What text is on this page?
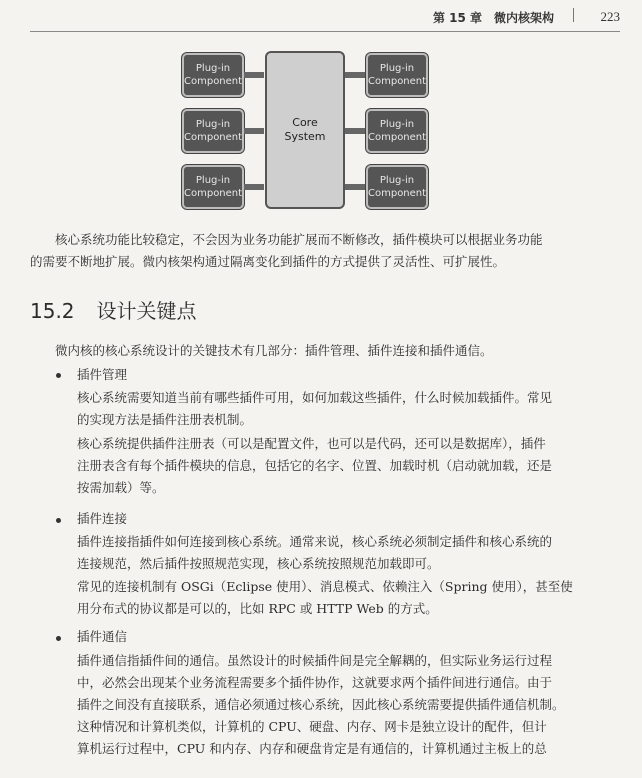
第 15 章　微内核架构	223
Plug-in
Component
Plug-in
Component
Plug-in
Component
Plug-in
Component
Plug-in
Component
Plug-in
Component
Core
System
核心系统功能比较稳定，不会因为业务功能扩展而不断修改，插件模块可以根据业务功能
的需要不断地扩展。微内核架构通过隔离变化到插件的方式提供了灵活性、可扩展性。
15.2 设计关键点
微内核的核心系统设计的关键技术有几部分：插件管理、插件连接和插件通信。
插件管理
核心系统需要知道当前有哪些插件可用，如何加载这些插件，什么时候加载插件。常见
的实现方法是插件注册表机制。
核心系统提供插件注册表（可以是配置文件，也可以是代码，还可以是数据库），插件
注册表含有每个插件模块的信息，包括它的名字、位置、加载时机（启动就加载，还是
按需加载）等。
插件连接
插件连接指插件如何连接到核心系统。通常来说，核心系统必须制定插件和核心系统的
连接规范，然后插件按照规范实现，核心系统按照规范加载即可。
常见的连接机制有 OSGi（Eclipse 使用）、消息模式、依赖注入（Spring 使用），甚至使
用分布式的协议都是可以的，比如 RPC 或 HTTP Web 的方式。
插件通信
插件通信指插件间的通信。虽然设计的时候插件间是完全解耦的，但实际业务运行过程
中，必然会出现某个业务流程需要多个插件协作，这就要求两个插件间进行通信。由于
插件之间没有直接联系，通信必须通过核心系统，因此核心系统需要提供插件通信机制。
这种情况和计算机类似，计算机的 CPU、硬盘、内存、网卡是独立设计的配件，但计
算机运行过程中，CPU 和内存、内存和硬盘肯定是有通信的，计算机通过主板上的总
